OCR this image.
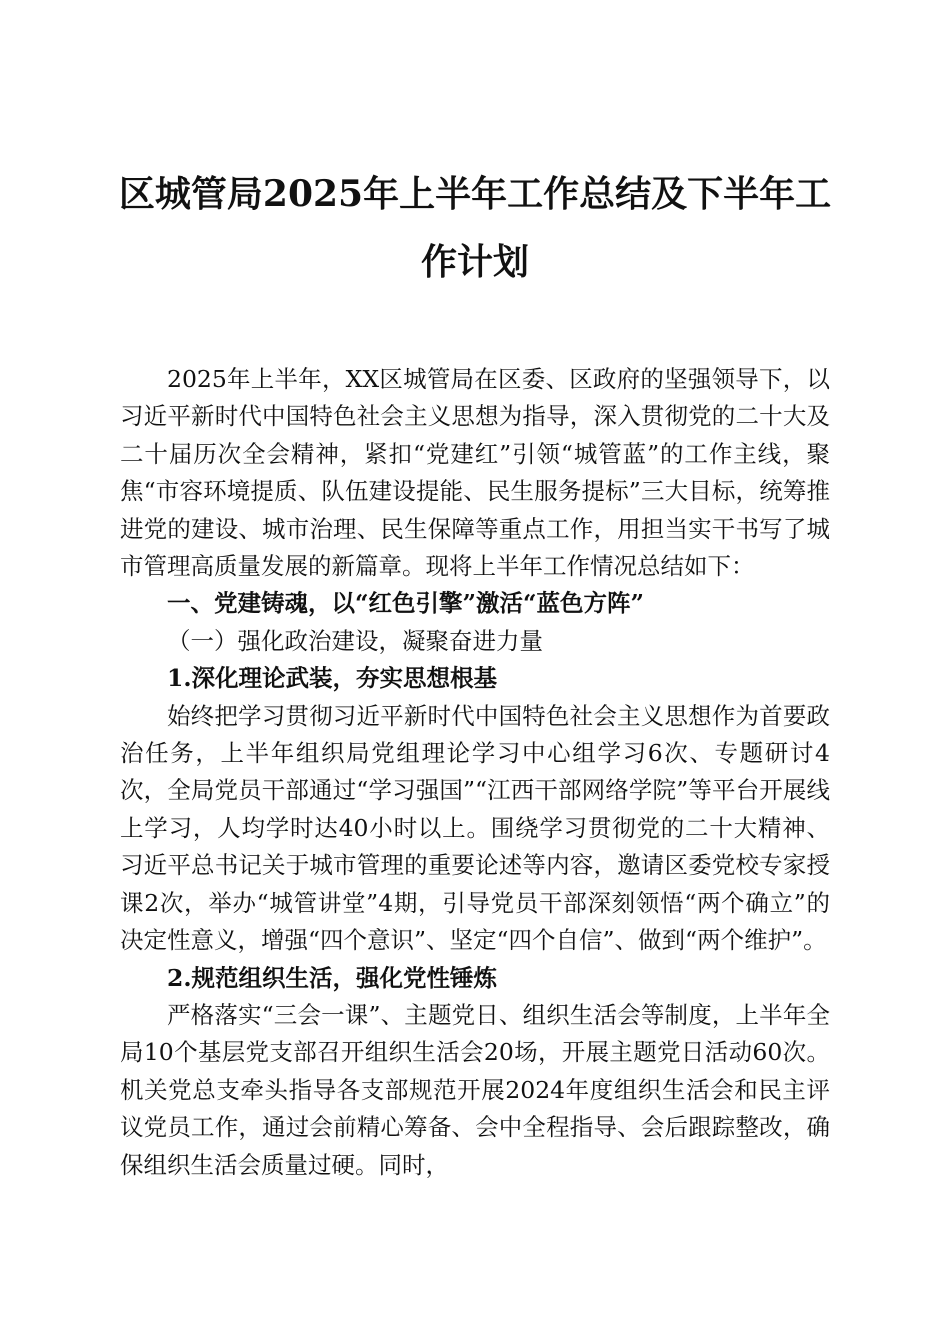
区城管局2025年上半年工作总结及下半年工
作计划

2025年上半年，XX区城管局在区委、区政府的坚强领导下，以习近平新时代中国特色社会主义思想为指导，深入贯彻党的二十大及二十届历次全会精神，紧扣“党建红”引领“城管蓝”的工作主线，聚焦“市容环境提质、队伍建设提能、民生服务提标”三大目标，统筹推进党的建设、城市治理、民生保障等重点工作，用担当实干书写了城市管理高质量发展的新篇章。现将上半年工作情况总结如下：

一、党建铸魂，以“红色引擎”激活“蓝色方阵”

（一）强化政治建设，凝聚奋进力量

1.深化理论武装，夯实思想根基

始终把学习贯彻习近平新时代中国特色社会主义思想作为首要政治任务，上半年组织局党组理论学习中心组学习6次、专题研讨4次，全局党员干部通过“学习强国”“江西干部网络学院”等平台开展线上学习，人均学时达40小时以上。围绕学习贯彻党的二十大精神、习近平总书记关于城市管理的重要论述等内容，邀请区委党校专家授课2次，举办“城管讲堂”4期，引导党员干部深刻领悟“两个确立”的决定性意义，增强“四个意识”、坚定“四个自信”、做到“两个维护”。

2.规范组织生活，强化党性锤炼

严格落实“三会一课”、主题党日、组织生活会等制度，上半年全局10个基层党支部召开组织生活会20场，开展主题党日活动60次。机关党总支牵头指导各支部规范开展2024年度组织生活会和民主评议党员工作，通过会前精心筹备、会中全程指导、会后跟踪整改，确保组织生活会质量过硬。同时，
